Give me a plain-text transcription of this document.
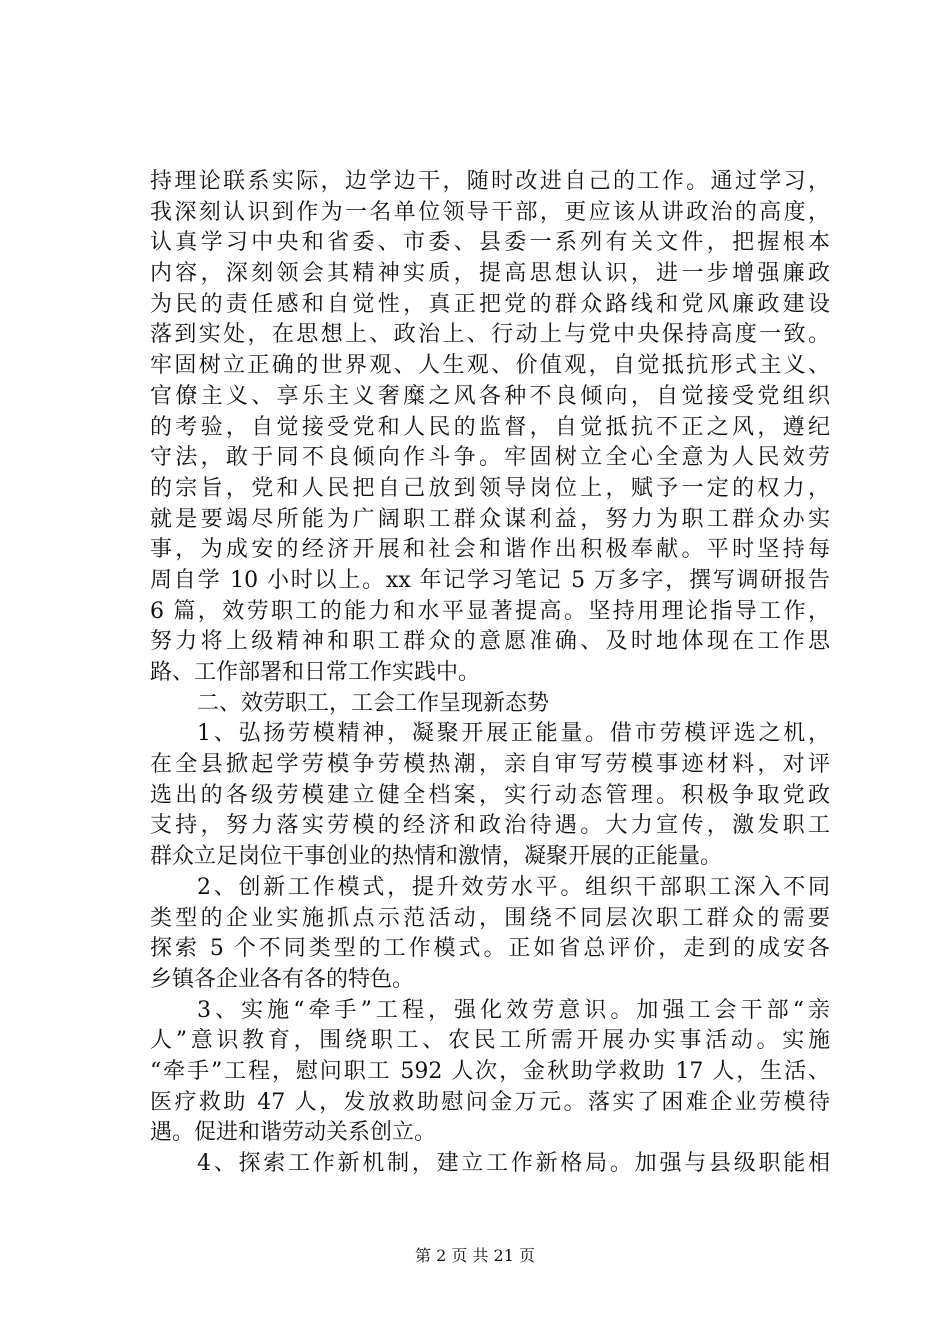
持理论联系实际，边学边干，随时改进自己的工作。通过学习，
我深刻认识到作为一名单位领导干部，更应该从讲政治的高度，
认真学习中央和省委、市委、县委一系列有关文件，把握根本
内容，深刻领会其精神实质，提高思想认识，进一步增强廉政
为民的责任感和自觉性，真正把党的群众路线和党风廉政建设
落到实处，在思想上、政治上、行动上与党中央保持高度一致。
牢固树立正确的世界观、人生观、价值观，自觉抵抗形式主义、
官僚主义、享乐主义奢糜之风各种不良倾向，自觉接受党组织
的考验，自觉接受党和人民的监督，自觉抵抗不正之风，遵纪
守法，敢于同不良倾向作斗争。牢固树立全心全意为人民效劳
的宗旨，党和人民把自己放到领导岗位上，赋予一定的权力，
就是要竭尽所能为广阔职工群众谋利益，努力为职工群众办实
事，为成安的经济开展和社会和谐作出积极奉献。平时坚持每
周自学 10 小时以上。xx 年记学习笔记 5 万多字，撰写调研报告
6 篇，效劳职工的能力和水平显著提高。坚持用理论指导工作，
努力将上级精神和职工群众的意愿准确、及时地体现在工作思
路、工作部署和日常工作实践中。
二、效劳职工，工会工作呈现新态势
1、弘扬劳模精神，凝聚开展正能量。借市劳模评选之机，
在全县掀起学劳模争劳模热潮，亲自审写劳模事迹材料，对评
选出的各级劳模建立健全档案，实行动态管理。积极争取党政
支持，努力落实劳模的经济和政治待遇。大力宣传，激发职工
群众立足岗位干事创业的热情和激情，凝聚开展的正能量。
2、创新工作模式，提升效劳水平。组织干部职工深入不同
类型的企业实施抓点示范活动，围绕不同层次职工群众的需要
探索 5 个不同类型的工作模式。正如省总评价，走到的成安各
乡镇各企业各有各的特色。
3、实施“牵手”工程，强化效劳意识。加强工会干部“亲
人”意识教育，围绕职工、农民工所需开展办实事活动。实施
“牵手”工程，慰问职工 592 人次，金秋助学救助 17 人，生活、
医疗救助 47 人，发放救助慰问金万元。落实了困难企业劳模待
遇。促进和谐劳动关系创立。
4、探索工作新机制，建立工作新格局。加强与县级职能相
第 2 页 共 21 页
